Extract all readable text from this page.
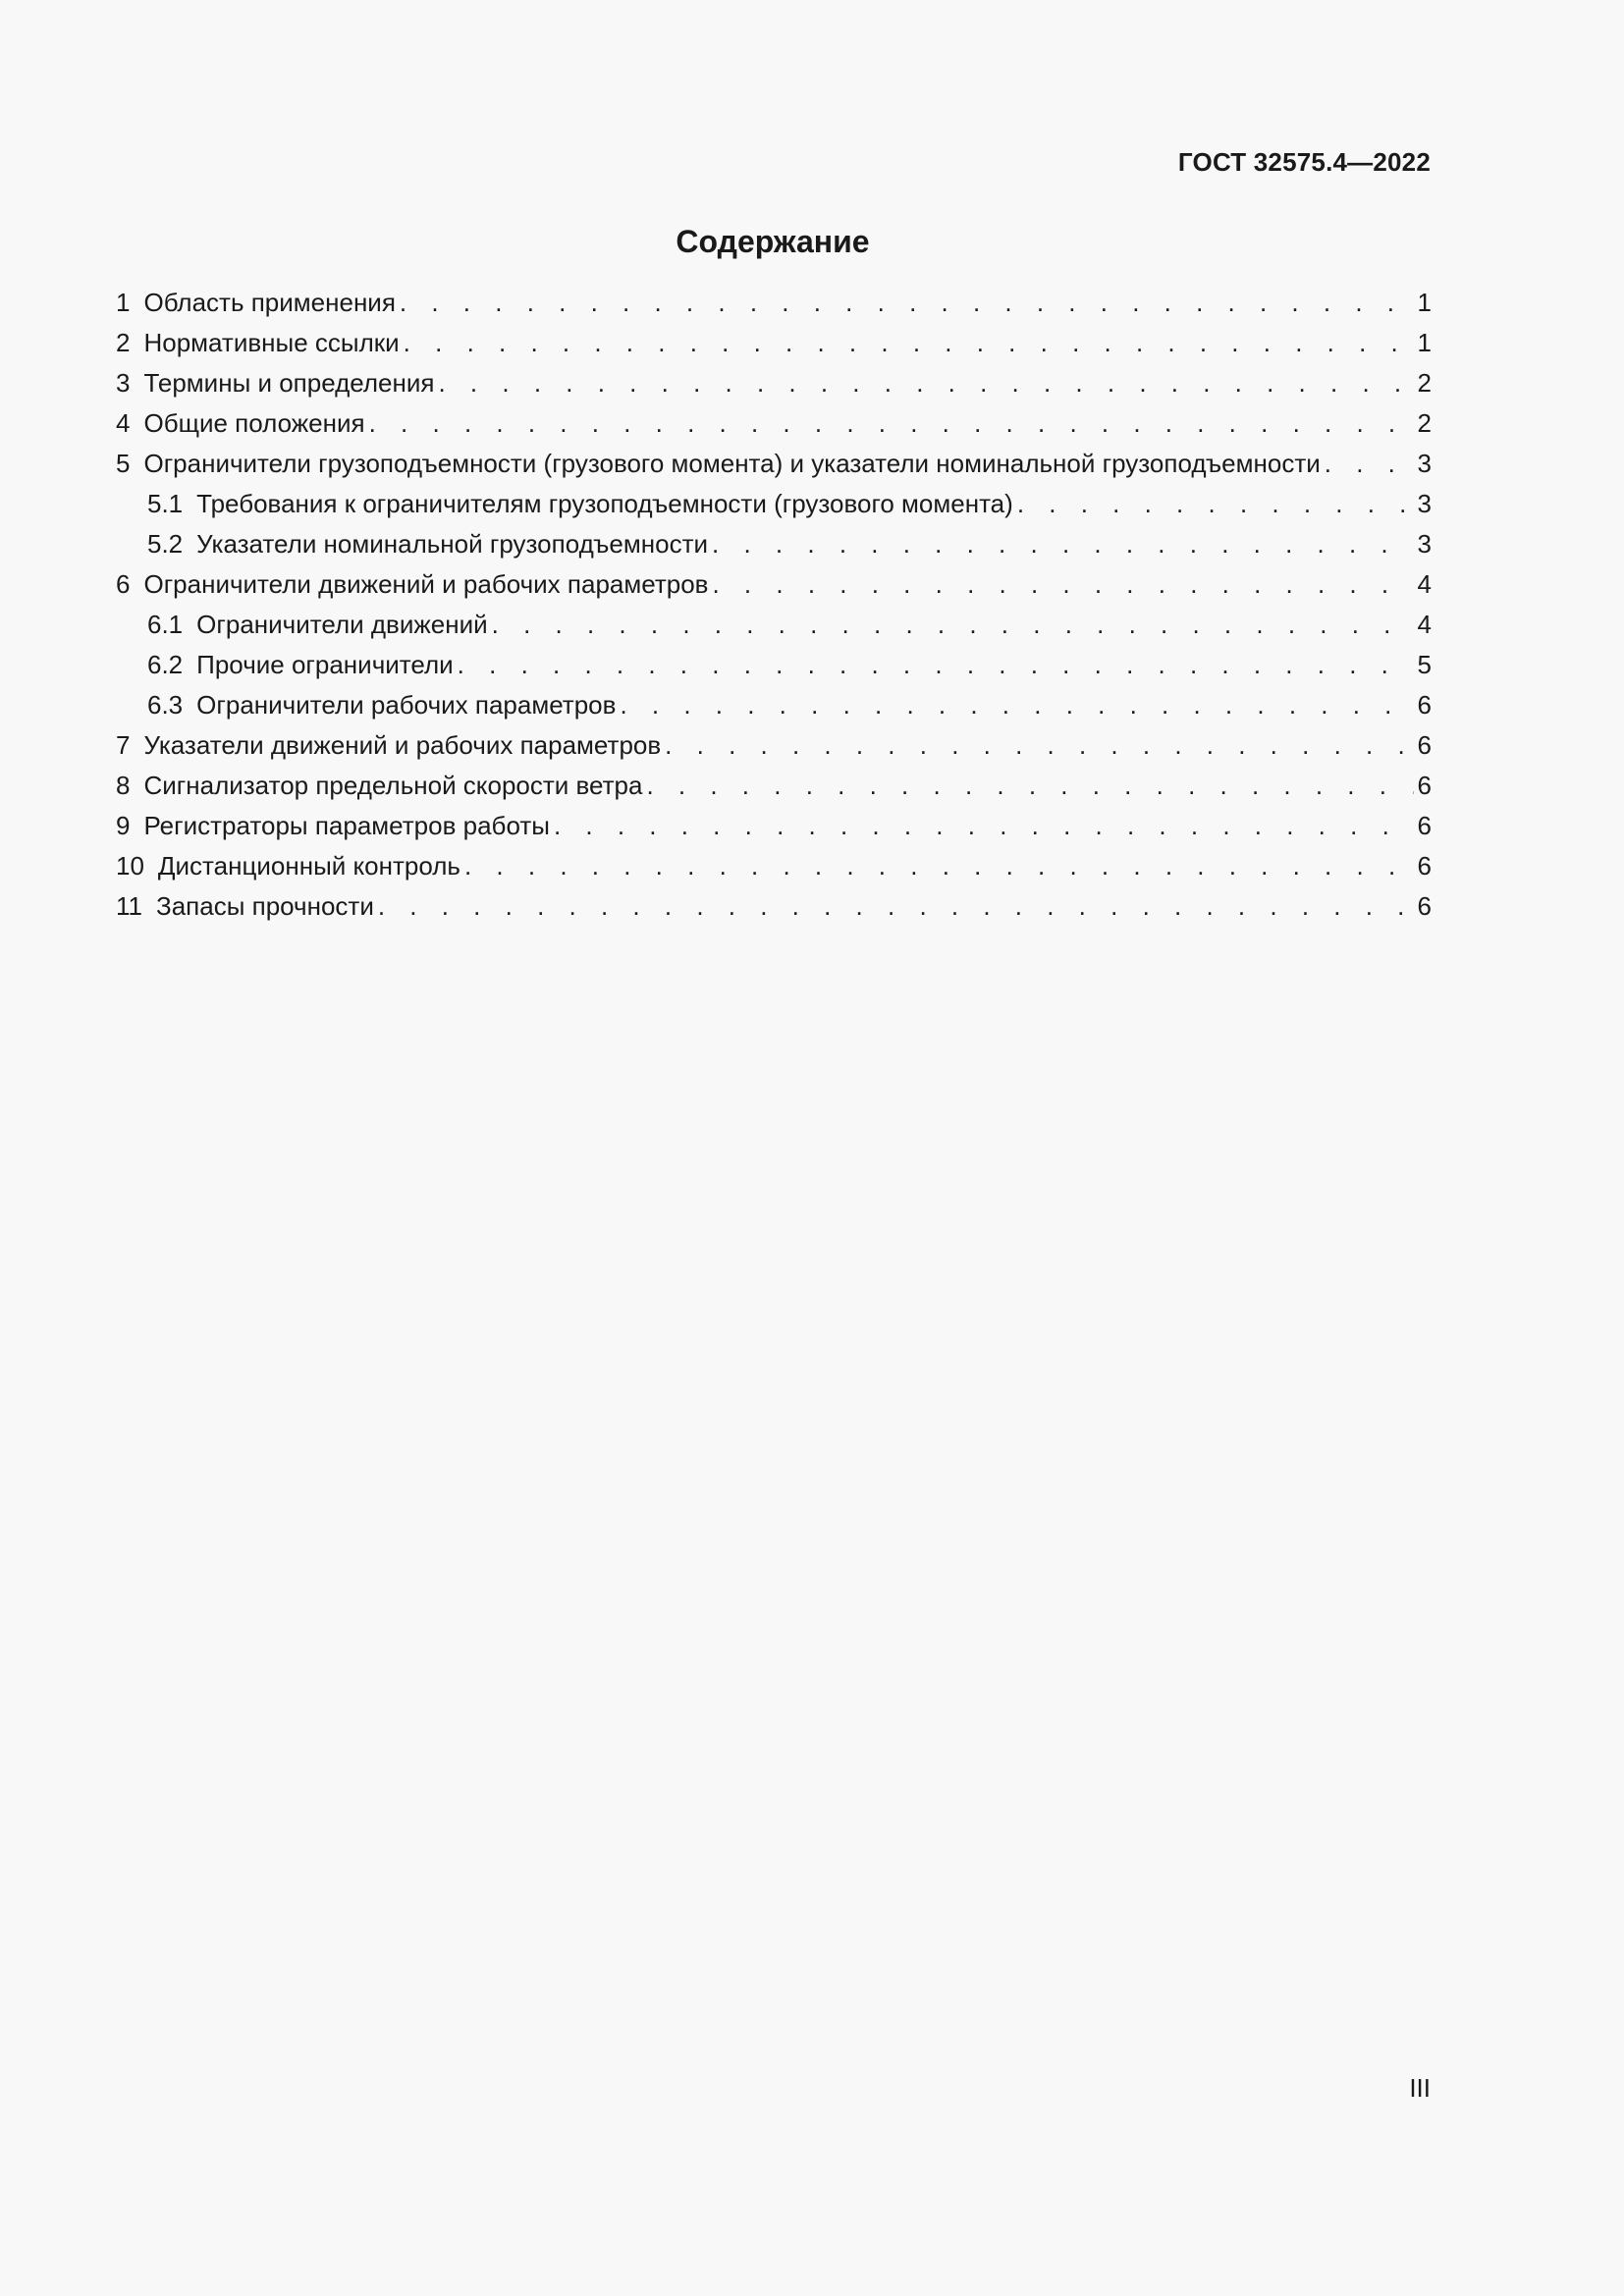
ГОСТ 32575.4—2022
Содержание
1 Область применения . . .	1
2 Нормативные ссылки . . .	1
3 Термины и определения . . .	2
4 Общие положения . . .	2
5 Ограничители грузоподъемности (грузового момента) и указатели номинальной грузоподъемности . . .	3
5.1 Требования к ограничителям грузоподъемности (грузового момента) . . .	3
5.2 Указатели номинальной грузоподъемности . . .	3
6 Ограничители движений и рабочих параметров . . .	4
6.1 Ограничители движений . . .	4
6.2 Прочие ограничители . . .	5
6.3 Ограничители рабочих параметров . . .	6
7 Указатели движений и рабочих параметров . . .	6
8 Сигнализатор предельной скорости ветра . . .	6
9 Регистраторы параметров работы . . .	6
10 Дистанционный контроль . . .	6
11 Запасы прочности . . .	6
III
